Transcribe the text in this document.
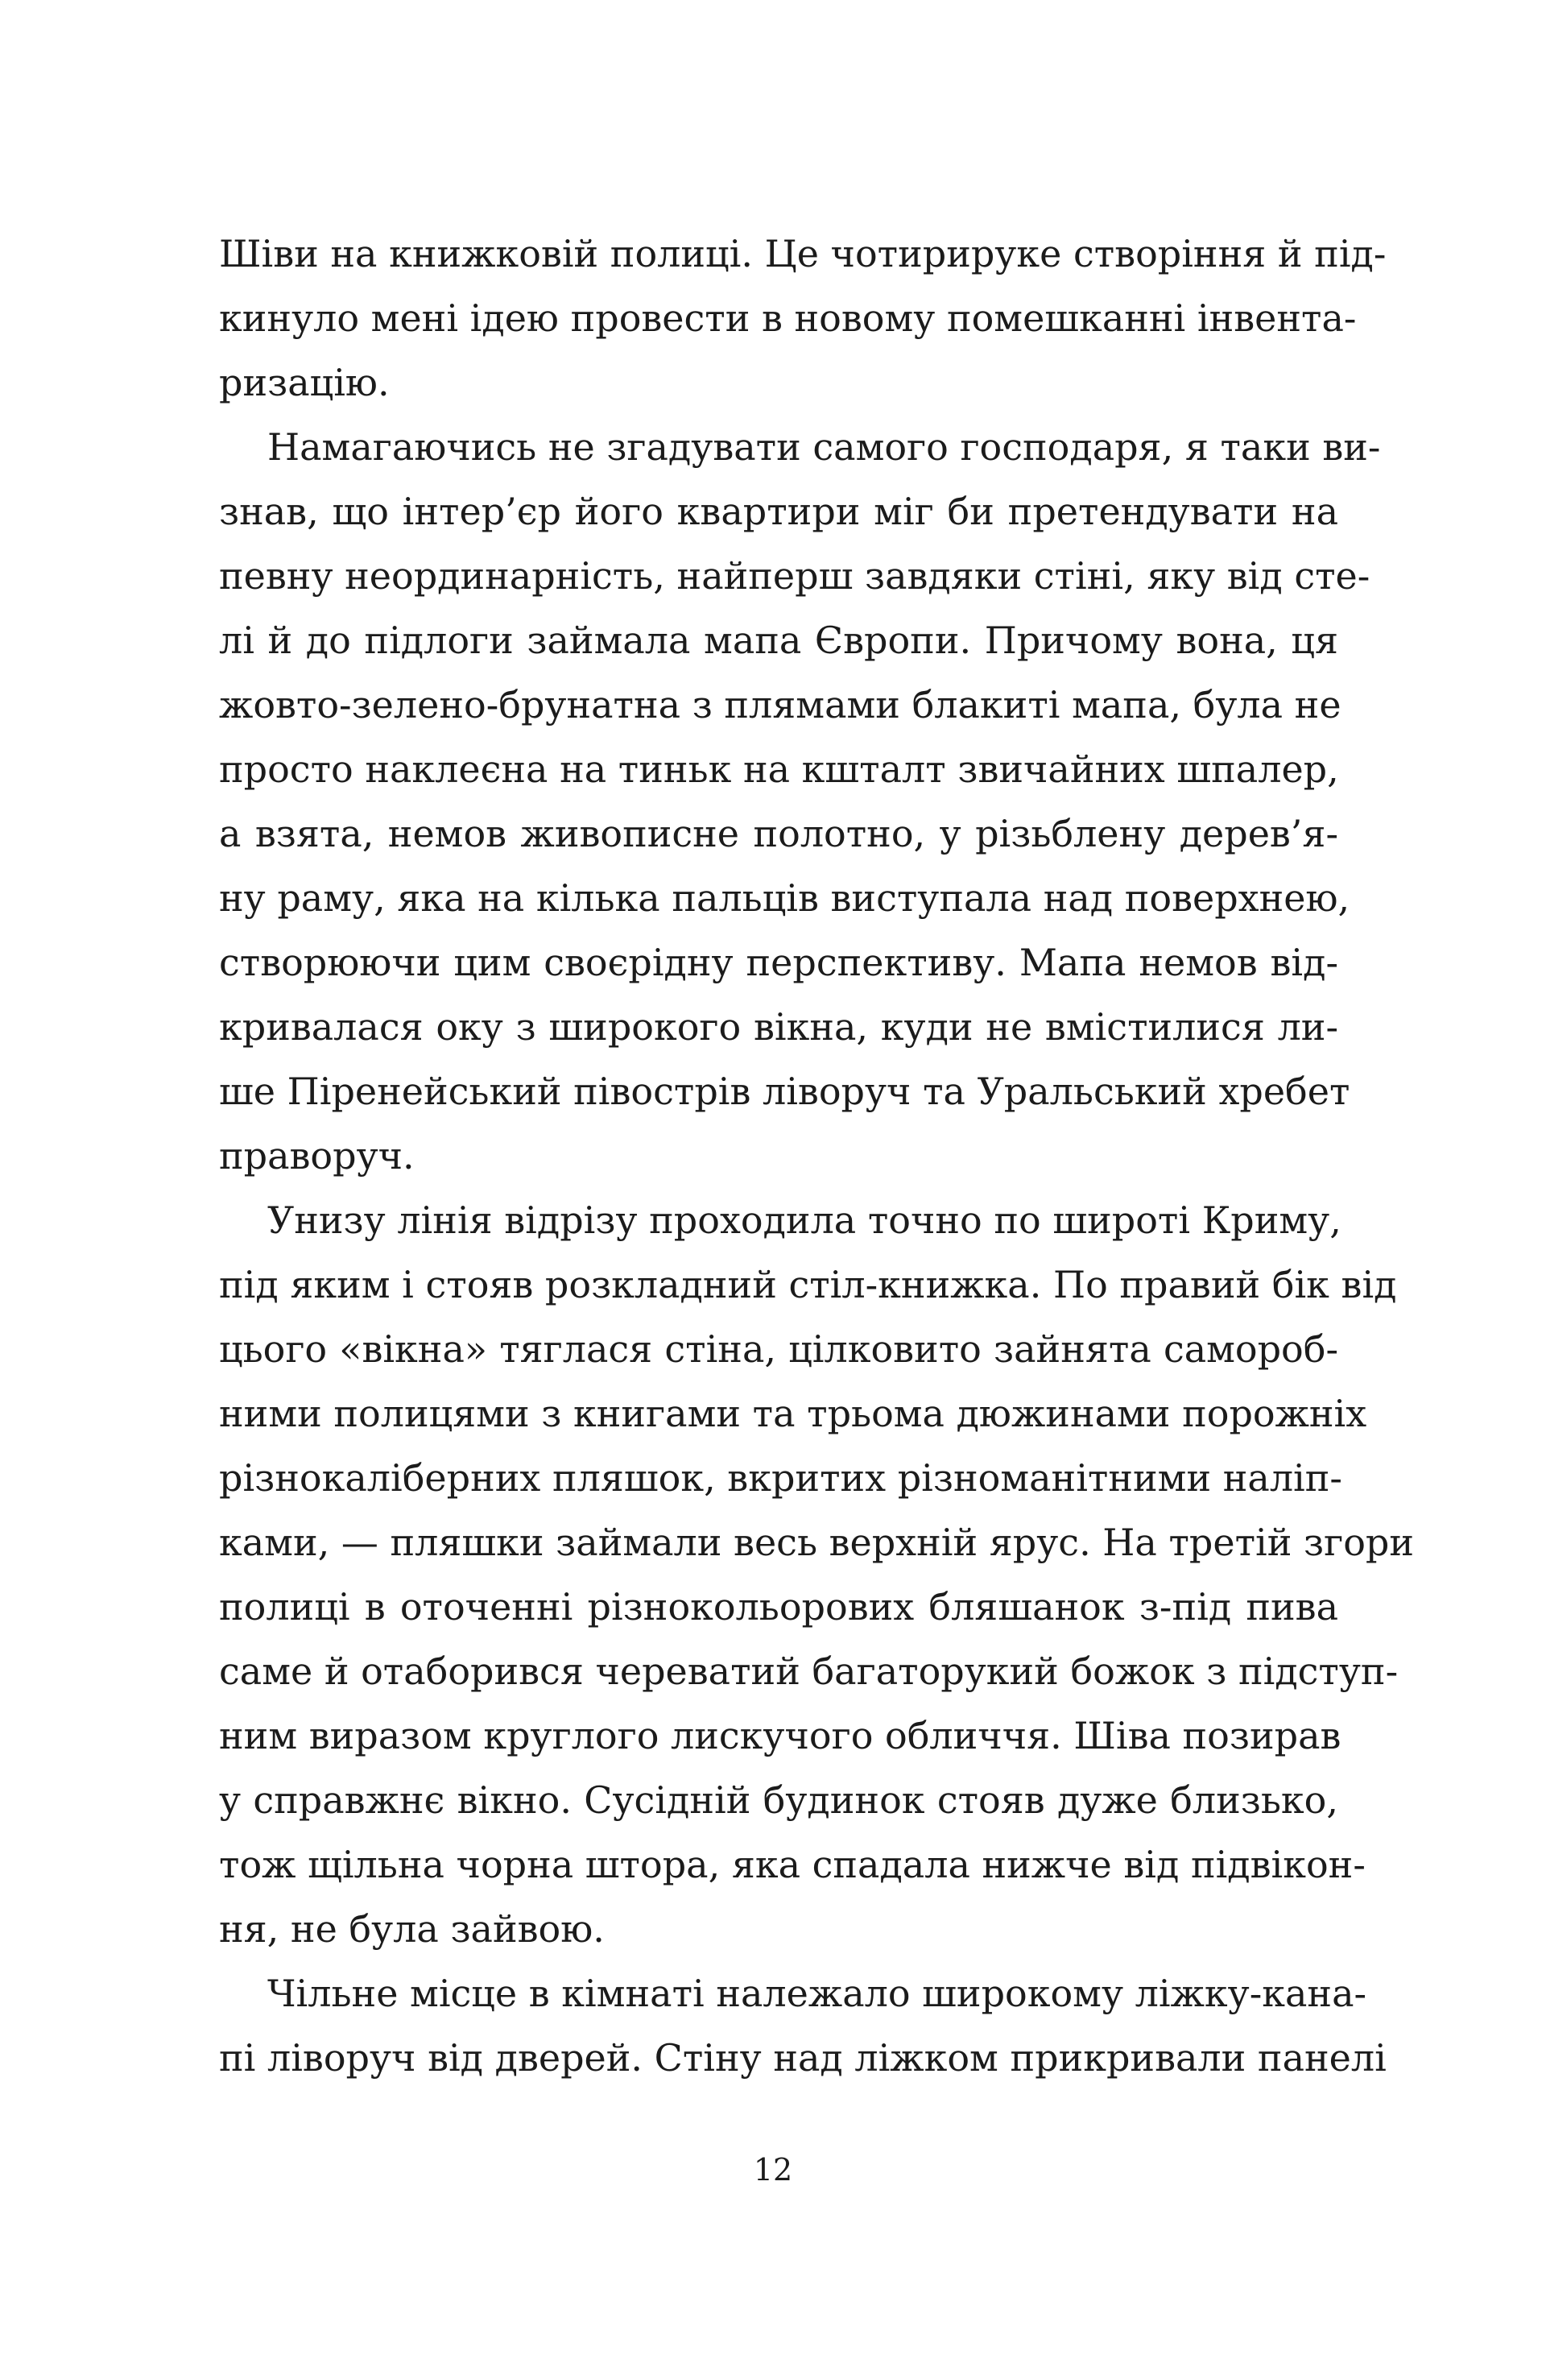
Шіви на книжковій полиці. Це чотирируке створіння й під-
кинуло мені ідею провести в новому помешканні інвента-
ризацію.
Намагаючись не згадувати самого господаря, я таки ви-
знав, що інтер’єр його квартири міг би претендувати на
певну неординарність, найперш завдяки стіні, яку від сте-
лі й до підлоги займала мапа Європи. Причому вона, ця
жовто-зелено-брунатна з плямами блакиті мапа, була не
просто наклеєна на тиньк на кшталт звичайних шпалер,
а взята, немов живописне полотно, у різьблену дерев’я-
ну раму, яка на кілька пальців виступала над поверхнею,
створюючи цим своєрідну перспективу. Мапа немов від-
кривалася оку з широкого вікна, куди не вмістилися ли-
ше Піренейський півострів ліворуч та Уральський хребет
праворуч.
Унизу лінія відрізу проходила точно по широті Криму,
під яким і стояв розкладний стіл-книжка. По правий бік від
цього «вікна» тяглася стіна, цілковито зайнята самороб-
ними полицями з книгами та трьома дюжинами порожніх
різнокаліберних пляшок, вкритих різноманітними наліп-
ками, — пляшки займали весь верхній ярус. На третій згори
полиці в оточенні різнокольорових бляшанок з-під пива
саме й отаборився череватий багаторукий божок з підступ-
ним виразом круглого лискучого обличчя. Шіва позирав
у справжнє вікно. Сусідній будинок стояв дуже близько,
тож щільна чорна штора, яка спадала нижче від підвікон-
ня, не була зайвою.
Чільне місце в кімнаті належало широкому ліжку-кана-
пі ліворуч від дверей. Стіну над ліжком прикривали панелі
12
